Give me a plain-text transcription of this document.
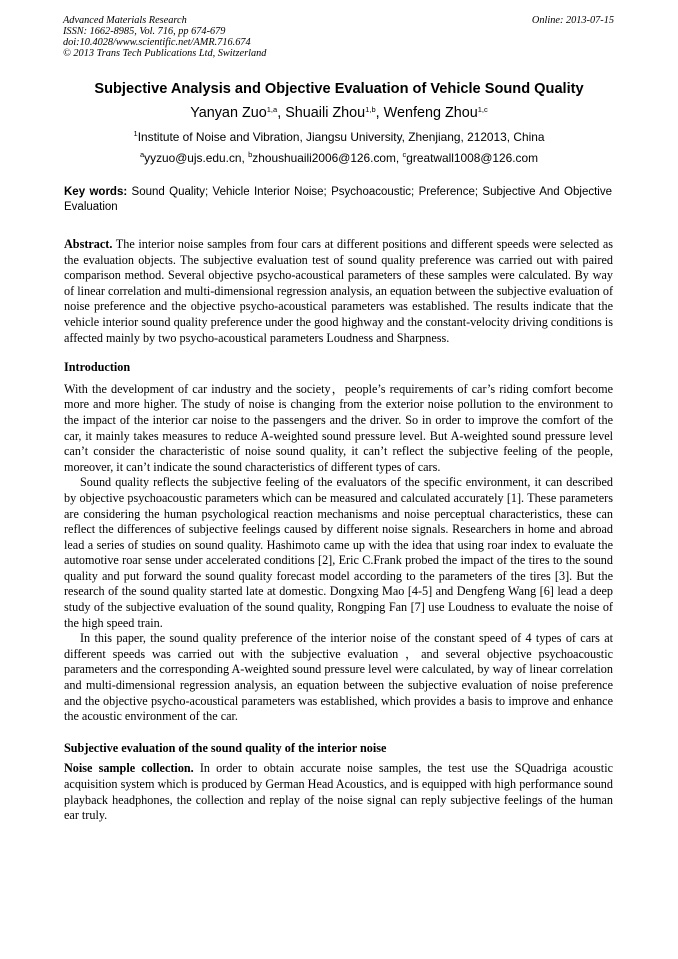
Advanced Materials Research
ISSN: 1662-8985, Vol. 716, pp 674-679
doi:10.4028/www.scientific.net/AMR.716.674
© 2013 Trans Tech Publications Ltd, Switzerland
Online: 2013-07-15
Subjective Analysis and Objective Evaluation of Vehicle Sound Quality
Yanyan Zuo$^{1,a}$, Shuaili Zhou$^{1,b}$, Wenfeng Zhou$^{1,c}$
$^1$Institute of Noise and Vibration, Jiangsu University, Zhenjiang, 212013, China
$^a$yyzuo@ujs.edu.cn, $^b$zhoushuaili2006@126.com, $^c$greatwall1008@126.com
Key words: Sound Quality; Vehicle Interior Noise; Psychoacoustic; Preference; Subjective And Objective Evaluation

Abstract. The interior noise samples from four cars at different positions and different speeds were selected as the evaluation objects. The subjective evaluation test of sound quality preference was carried out with paired comparison method. Several objective psycho-acoustical parameters of these samples were calculated. By way of linear correlation and multi-dimensional regression analysis, an equation between the subjective evaluation of noise preference and the objective psycho-acoustical parameters was established. The results indicate that the vehicle interior sound quality preference under the good highway and the constant-velocity driving conditions is affected mainly by two psycho-acoustical parameters Loudness and Sharpness.

Introduction

With the development of car industry and the society，people’s requirements of car’s riding comfort become more and more higher. The study of noise is changing from the exterior noise pollution to the environment to the impact of the interior car noise to the passengers and the driver. So in order to improve the comfort of the car, it mainly takes measures to reduce A-weighted sound pressure level. But A-weighted sound pressure level can’t consider the characteristic of noise sound quality, it can’t reflect the subjective feeling of the people, moreover, it can’t indicate the sound characteristics of different types of cars.

Sound quality reflects the subjective feeling of the evaluators of the specific environment, it can described by objective psychoacoustic parameters which can be measured and calculated accurately [1]. These parameters are considering the human psychological reaction mechanisms and noise perceptual characteristics, these can reflect the differences of subjective feelings caused by different noise signals. Researchers in home and abroad lead a series of studies on sound quality. Hashimoto came up with the idea that using roar index to evaluate the automotive roar sense under accelerated conditions [2], Eric C.Frank probed the impact of the tires to the sound quality and put forward the sound quality forecast model according to the parameters of the tires [3]. But the research of the sound quality started late at domestic. Dongxing Mao [4-5] and Dengfeng Wang [6] lead a deep study of the subjective evaluation of the sound quality, Rongping Fan [7] use Loudness to evaluate the noise of the high speed train.

In this paper, the sound quality preference of the interior noise of the constant speed of 4 types of cars at different speeds was carried out with the subjective evaluation ，and several objective psychoacoustic parameters and the corresponding A-weighted sound pressure level were calculated, by way of linear correlation and multi-dimensional regression analysis, an equation between the subjective evaluation of noise preference and the objective psycho-acoustical parameters was established, which provides a basis to improve and enhance the acoustic environment of the car.

Subjective evaluation of the sound quality of the interior noise

Noise sample collection. In order to obtain accurate noise samples, the test use the SQuadriga acoustic acquisition system which is produced by German Head Acoustics, and is equipped with high performance sound playback headphones, the collection and replay of the noise signal can reply subjective feelings of the human ear truly.
